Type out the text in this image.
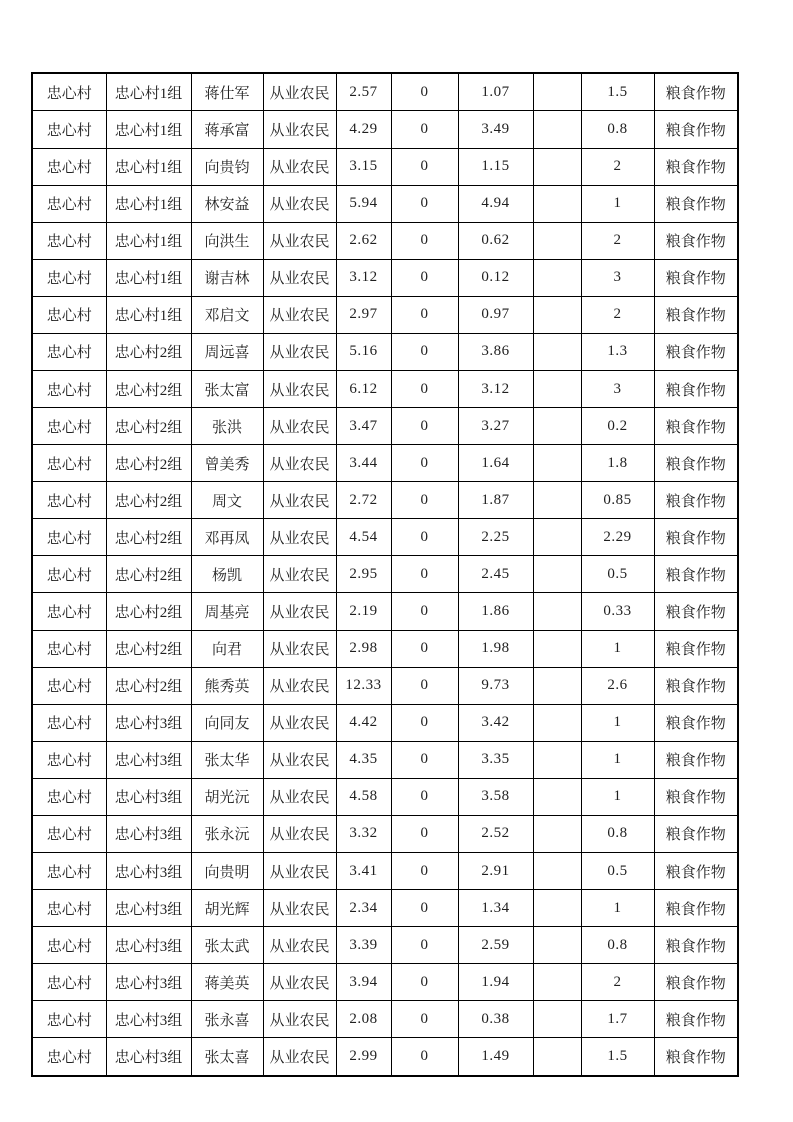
忠心村	忠心村1组	蒋仕军	从业农民	2.57	0	1.07		1.5	粮食作物
忠心村	忠心村1组	蒋承富	从业农民	4.29	0	3.49		0.8	粮食作物
忠心村	忠心村1组	向贵钧	从业农民	3.15	0	1.15		2	粮食作物
忠心村	忠心村1组	林安益	从业农民	5.94	0	4.94		1	粮食作物
忠心村	忠心村1组	向洪生	从业农民	2.62	0	0.62		2	粮食作物
忠心村	忠心村1组	谢吉林	从业农民	3.12	0	0.12		3	粮食作物
忠心村	忠心村1组	邓启文	从业农民	2.97	0	0.97		2	粮食作物
忠心村	忠心村2组	周远喜	从业农民	5.16	0	3.86		1.3	粮食作物
忠心村	忠心村2组	张太富	从业农民	6.12	0	3.12		3	粮食作物
忠心村	忠心村2组	张洪	从业农民	3.47	0	3.27		0.2	粮食作物
忠心村	忠心村2组	曾美秀	从业农民	3.44	0	1.64		1.8	粮食作物
忠心村	忠心村2组	周文	从业农民	2.72	0	1.87		0.85	粮食作物
忠心村	忠心村2组	邓再凤	从业农民	4.54	0	2.25		2.29	粮食作物
忠心村	忠心村2组	杨凯	从业农民	2.95	0	2.45		0.5	粮食作物
忠心村	忠心村2组	周基亮	从业农民	2.19	0	1.86		0.33	粮食作物
忠心村	忠心村2组	向君	从业农民	2.98	0	1.98		1	粮食作物
忠心村	忠心村2组	熊秀英	从业农民	12.33	0	9.73		2.6	粮食作物
忠心村	忠心村3组	向同友	从业农民	4.42	0	3.42		1	粮食作物
忠心村	忠心村3组	张太华	从业农民	4.35	0	3.35		1	粮食作物
忠心村	忠心村3组	胡光沅	从业农民	4.58	0	3.58		1	粮食作物
忠心村	忠心村3组	张永沅	从业农民	3.32	0	2.52		0.8	粮食作物
忠心村	忠心村3组	向贵明	从业农民	3.41	0	2.91		0.5	粮食作物
忠心村	忠心村3组	胡光辉	从业农民	2.34	0	1.34		1	粮食作物
忠心村	忠心村3组	张太武	从业农民	3.39	0	2.59		0.8	粮食作物
忠心村	忠心村3组	蒋美英	从业农民	3.94	0	1.94		2	粮食作物
忠心村	忠心村3组	张永喜	从业农民	2.08	0	0.38		1.7	粮食作物
忠心村	忠心村3组	张太喜	从业农民	2.99	0	1.49		1.5	粮食作物
